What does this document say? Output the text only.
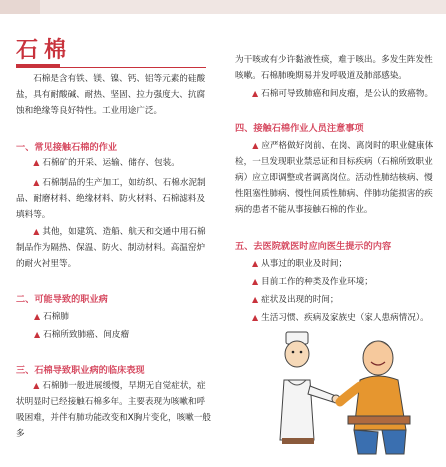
石棉
石棉是含有铁、镁、镍、钙、铝等元素的硅酸盐，具有耐酸碱、耐热、坚固、拉力强度大、抗腐蚀和绝缘等良好特性。工业用途广泛。
一、常见接触石棉的作业
▲ 石棉矿的开采、运输、储存、包装。
▲ 石棉制品的生产加工，如纺织、石棉水泥制品、耐磨材料、绝缘材料、防火材料、石棉滤料及填料等。
▲ 其他，如建筑、造船、航天和交通中用石棉制品作为隔热、保温、防火、制动材料。高温窑炉的耐火衬里等。
二、可能导致的职业病
▲ 石棉肺
▲ 石棉所致肺癌、间皮瘤
三、石棉导致职业病的临床表现
▲ 石棉肺一般进展缓慢，早期无自觉症状，症状明显时已经接触石棉多年。主要表现为咳嗽和呼吸困难，并伴有肺功能改变和X胸片变化，咳嗽一般多
为干咳或有少许黏液性痰，难于咳出。多发生阵发性咳嗽。石棉肺晚期易并发呼吸道及肺部感染。
▲ 石棉可导致肺癌和间皮瘤，是公认的致癌物。
四、接触石棉作业人员注意事项
▲ 应严格做好岗前、在岗、离岗时的职业健康体检，一旦发现职业禁忌证和目标疾病（石棉所致职业病）应立即调整或者调离岗位。活动性肺结核病、慢性阻塞性肺病、慢性间质性肺病、伴肺功能损害的疾病的患者不能从事接触石棉的作业。
五、去医院就医时应向医生提示的内容
▲ 从事过的职业及时间；
▲ 目前工作的种类及作业环境；
▲ 症状及出现的时间；
▲ 生活习惯、疾病及家族史（家人患病情况）。
